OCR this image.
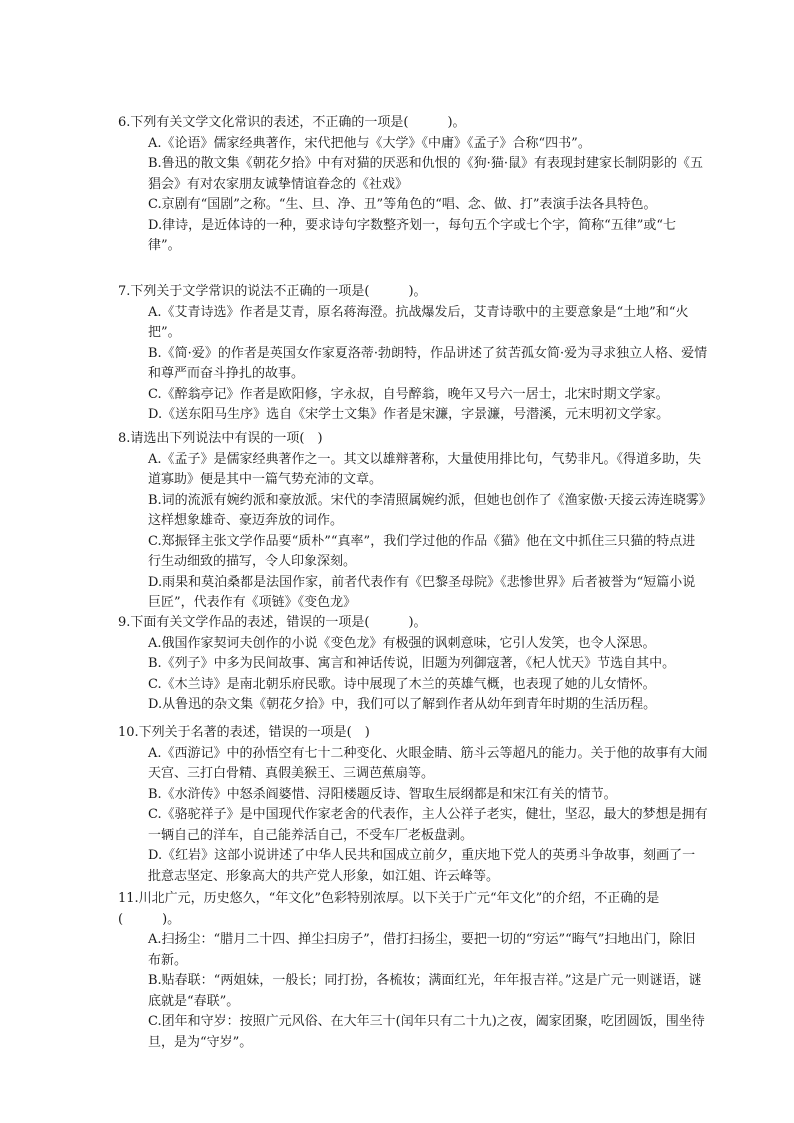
6.下列有关文学文化常识的表述，不正确的一项是(　　　)。
A.《论语》儒家经典著作，宋代把他与《大学》《中庸》《孟子》合称“四书”。
B.鲁迅的散文集《朝花夕拾》中有对猫的厌恶和仇恨的《狗·猫·鼠》有表现封建家长制阴影的《五猖会》有对农家朋友诚挚情谊眷念的《社戏》
C.京剧有“国剧”之称。“生、旦、净、丑”等角色的“唱、念、做、打”表演手法各具特色。
D.律诗，是近体诗的一种，要求诗句字数整齐划一，每句五个字或七个字，简称“五律”或“七律”。
7.下列关于文学常识的说法不正确的一项是(　　　)。
A.《艾青诗选》作者是艾青，原名蒋海澄。抗战爆发后，艾青诗歌中的主要意象是“土地”和“火把”。
B.《简·爱》的作者是英国女作家夏洛蒂·勃朗特，作品讲述了贫苦孤女简·爱为寻求独立人格、爱情和尊严而奋斗挣扎的故事。
C.《醉翁亭记》作者是欧阳修，字永叔，自号醉翁，晚年又号六一居士，北宋时期文学家。
D.《送东阳马生序》选自《宋学士文集》作者是宋濂，字景濂，号潜溪，元末明初文学家。
8.请选出下列说法中有误的一项(　)
A.《孟子》是儒家经典著作之一。其文以雄辩著称，大量使用排比句，气势非凡。《得道多助，失道寡助》便是其中一篇气势充沛的文章。
B.词的流派有婉约派和豪放派。宋代的李清照属婉约派，但她也创作了《渔家傲·天接云涛连晓雾》这样想象雄奇、豪迈奔放的词作。
C.郑振铎主张文学作品要“质朴”“真率”，我们学过他的作品《猫》他在文中抓住三只猫的特点进行生动细致的描写，令人印象深刻。
D.雨果和莫泊桑都是法国作家，前者代表作有《巴黎圣母院》《悲惨世界》后者被誉为“短篇小说巨匠”，代表作有《项链》《变色龙》
9.下面有关文学作品的表述，错误的一项是(　　　)。
A.俄国作家契诃夫创作的小说《变色龙》有极强的讽刺意味，它引人发笑，也令人深思。
B.《列子》中多为民间故事、寓言和神话传说，旧题为列御寇著，《杞人忧天》节选自其中。
C.《木兰诗》是南北朝乐府民歌。诗中展现了木兰的英雄气概，也表现了她的儿女情怀。
D.从鲁迅的杂文集《朝花夕拾》中，我们可以了解到作者从幼年到青年时期的生活历程。
10.下列关于名著的表述，错误的一项是(　)
A.《西游记》中的孙悟空有七十二种变化、火眼金睛、筋斗云等超凡的能力。关于他的故事有大闹天宫、三打白骨精、真假美猴王、三调芭蕉扇等。
B.《水浒传》中怒杀阎婆惜、浔阳楼题反诗、智取生辰纲都是和宋江有关的情节。
C.《骆驼祥子》是中国现代作家老舍的代表作，主人公祥子老实，健壮，坚忍，最大的梦想是拥有一辆自己的洋车，自己能养活自己，不受车厂老板盘剥。
D.《红岩》这部小说讲述了中华人民共和国成立前夕，重庆地下党人的英勇斗争故事，刻画了一批意志坚定、形象高大的共产党人形象，如江姐、许云峰等。
11.川北广元，历史悠久，“年文化”色彩特别浓厚。以下关于广元“年文化”的介绍，不正确的是(　　　)。
A.扫扬尘：“腊月二十四、掸尘扫房子”，借打扫扬尘，要把一切的“穷运”“晦气”扫地出门，除旧布新。
B.贴春联：“两姐妹，一般长；同打扮，各梳妆；满面红光，年年报吉祥。”这是广元一则谜语，谜底就是“春联”。
C.团年和守岁：按照广元风俗、在大年三十(闰年只有二十九)之夜，阖家团聚，吃团圆饭，围坐待旦，是为“守岁”。
